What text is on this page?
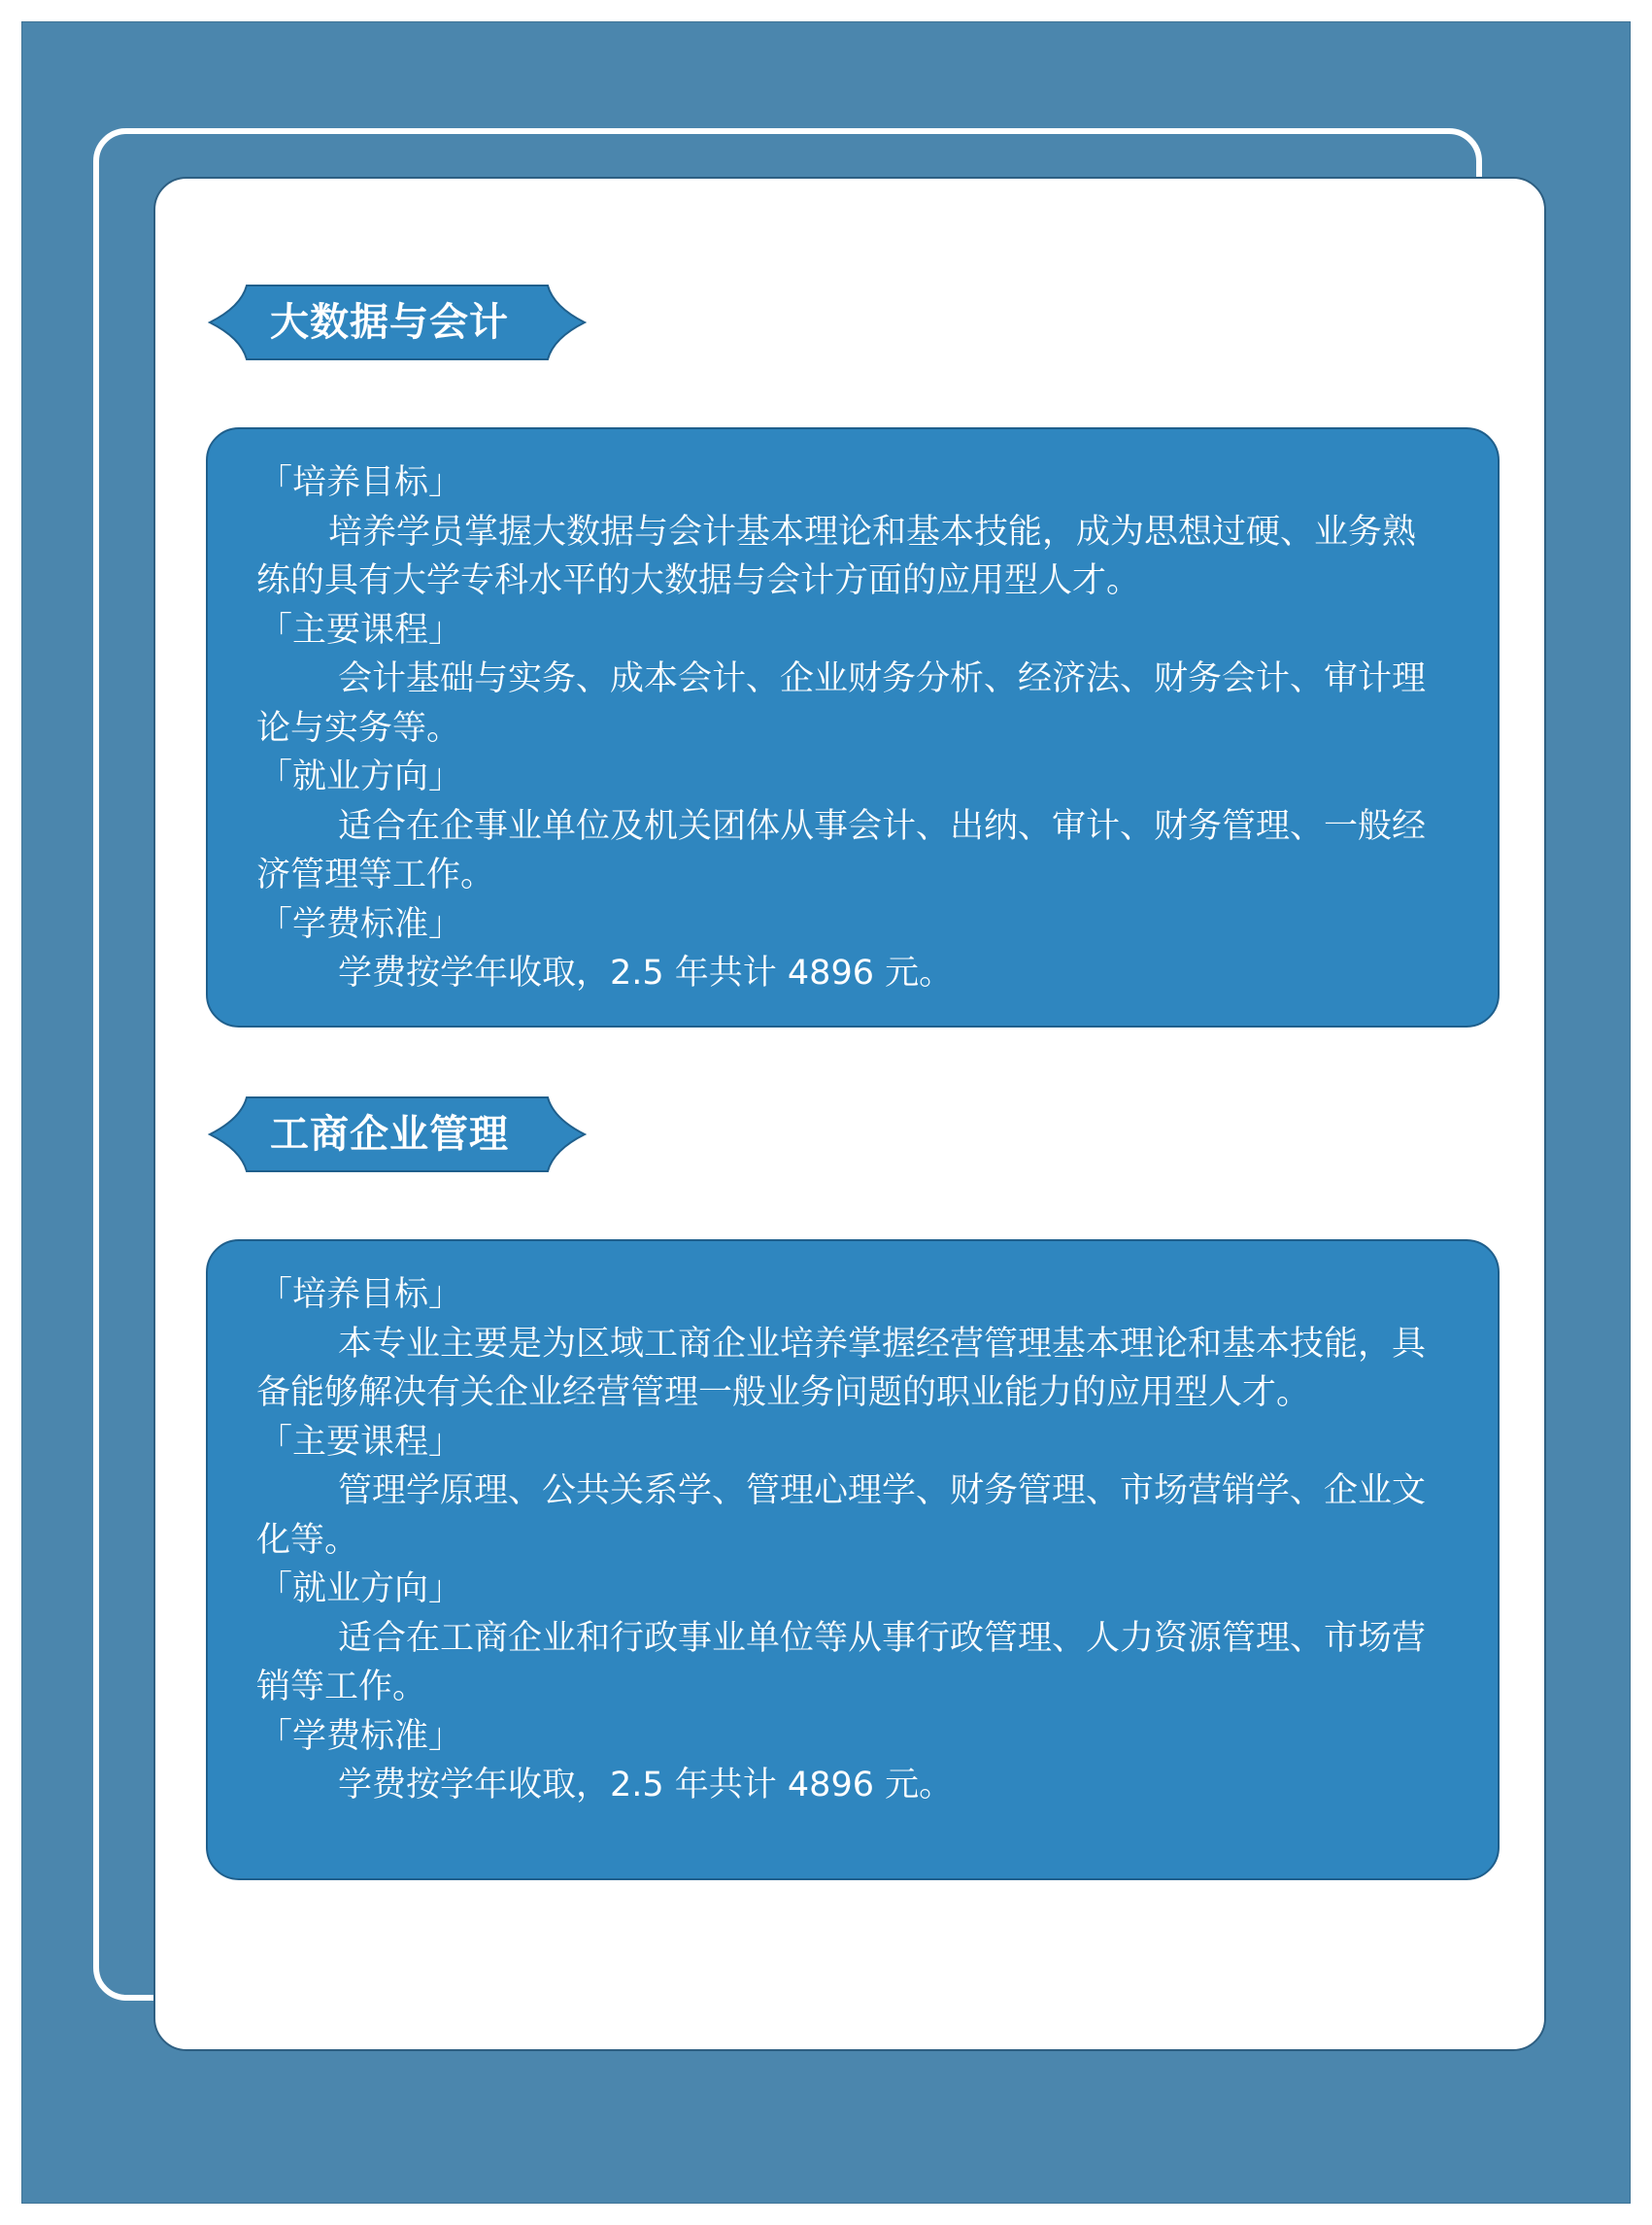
大数据与会计
「培养目标」
培养学员掌握大数据与会计基本理论和基本技能，成为思想过硬、业务熟练的具有大学专科水平的大数据与会计方面的应用型人才。
「主要课程」
会计基础与实务、成本会计、企业财务分析、经济法、财务会计、审计理论与实务等。
「就业方向」
适合在企事业单位及机关团体从事会计、出纳、审计、财务管理、一般经济管理等工作。
「学费标准」
学费按学年收取，2.5 年共计 4896 元。
工商企业管理
「培养目标」
本专业主要是为区域工商企业培养掌握经营管理基本理论和基本技能，具备能够解决有关企业经营管理一般业务问题的职业能力的应用型人才。
「主要课程」
管理学原理、公共关系学、管理心理学、财务管理、市场营销学、企业文化等。
「就业方向」
适合在工商企业和行政事业单位等从事行政管理、人力资源管理、市场营销等工作。
「学费标准」
学费按学年收取，2.5 年共计 4896 元。
